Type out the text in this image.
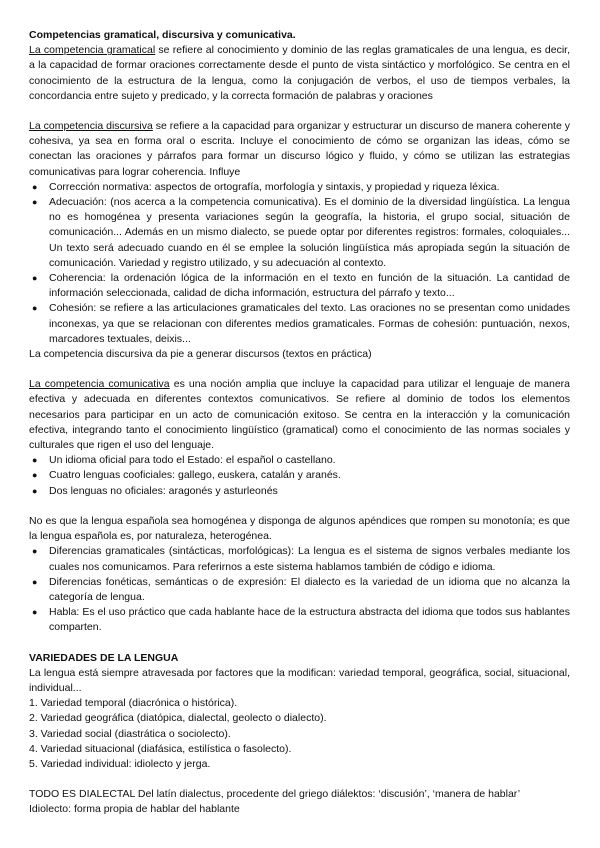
Competencias gramatical, discursiva y comunicativa.

La competencia gramatical se refiere al conocimiento y dominio de las reglas gramaticales de una lengua, es decir, a la capacidad de formar oraciones correctamente desde el punto de vista sintáctico y morfológico. Se centra en el conocimiento de la estructura de la lengua, como la conjugación de verbos, el uso de tiempos verbales, la concordancia entre sujeto y predicado, y la correcta formación de palabras y oraciones

La competencia discursiva se refiere a la capacidad para organizar y estructurar un discurso de manera coherente y cohesiva, ya sea en forma oral o escrita. Incluye el conocimiento de cómo se organizan las ideas, cómo se conectan las oraciones y párrafos para formar un discurso lógico y fluido, y cómo se utilizan las estrategias comunicativas para lograr coherencia. Influye

● Corrección normativa: aspectos de ortografía, morfología y sintaxis, y propiedad y riqueza léxica.
● Adecuación: (nos acerca a la competencia comunicativa). Es el dominio de la diversidad lingüística. La lengua no es homogénea y presenta variaciones según la geografía, la historia, el grupo social, situación de comunicación... Además en un mismo dialecto, se puede optar por diferentes registros: formales, coloquiales... Un texto será adecuado cuando en él se emplee la solución lingüística más apropiada según la situación de comunicación. Variedad y registro utilizado, y su adecuación al contexto.
● Coherencia: la ordenación lógica de la información en el texto en función de la situación. La cantidad de información seleccionada, calidad de dicha información, estructura del párrafo y texto...
● Cohesión: se refiere a las articulaciones gramaticales del texto. Las oraciones no se presentan como unidades inconexas, ya que se relacionan con diferentes medios gramaticales. Formas de cohesión: puntuación, nexos, marcadores textuales, deixis...

La competencia discursiva da pie a generar discursos (textos en práctica)

La competencia comunicativa es una noción amplia que incluye la capacidad para utilizar el lenguaje de manera efectiva y adecuada en diferentes contextos comunicativos. Se refiere al dominio de todos los elementos necesarios para participar en un acto de comunicación exitoso. Se centra en la interacción y la comunicación efectiva, integrando tanto el conocimiento lingüístico (gramatical) como el conocimiento de las normas sociales y culturales que rigen el uso del lenguaje.

● Un idioma oficial para todo el Estado: el español o castellano.
● Cuatro lenguas cooficiales: gallego, euskera, catalán y aranés.
● Dos lenguas no oficiales: aragonés y asturleonés

No es que la lengua española sea homogénea y disponga de algunos apéndices que rompen su monotonía; es que la lengua española es, por naturaleza, heterogénea.

● Diferencias gramaticales (sintácticas, morfológicas): La lengua es el sistema de signos verbales mediante los cuales nos comunicamos. Para referirnos a este sistema hablamos también de código e idioma.
● Diferencias fonéticas, semánticas o de expresión: El dialecto es la variedad de un idioma que no alcanza la categoría de lengua.
● Habla: Es el uso práctico que cada hablante hace de la estructura abstracta del idioma que todos sus hablantes comparten.

VARIEDADES DE LA LENGUA

La lengua está siempre atravesada por factores que la modifican: variedad temporal, geográfica, social, situacional, individual...

1. Variedad temporal (diacrónica o histórica).
2. Variedad geográfica (diatópica, dialectal, geolecto o dialecto).
3. Variedad social (diastrática o sociolecto).
4. Variedad situacional (diafásica, estilística o fasolecto).
5. Variedad individual: idiolecto y jerga.

TODO ES DIALECTAL Del latín dialectus, procedente del griego diálektos: ‘discusión’, ‘manera de hablar’

Idiolecto: forma propia de hablar del hablante
